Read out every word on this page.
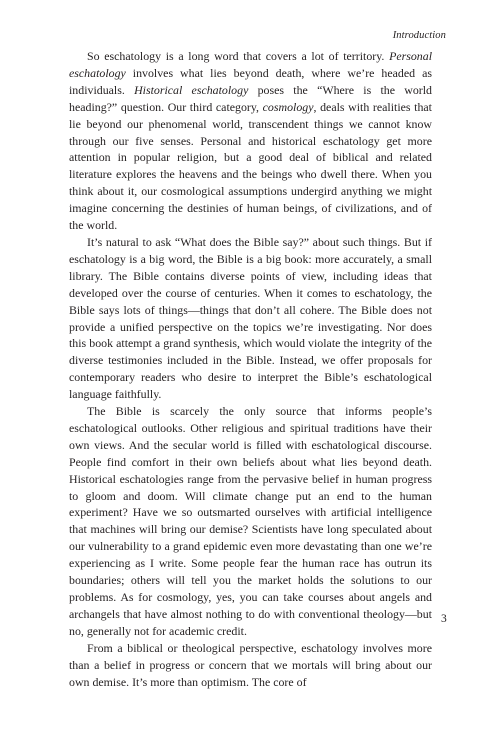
Introduction

So eschatology is a long word that covers a lot of territory. Personal eschatology involves what lies beyond death, where we’re headed as individuals. Historical eschatology poses the “Where is the world heading?” question. Our third category, cosmology, deals with realities that lie beyond our phenomenal world, transcendent things we cannot know through our five senses. Personal and historical eschatology get more attention in popular religion, but a good deal of biblical and related literature explores the heavens and the beings who dwell there. When you think about it, our cosmological assumptions undergird anything we might imagine concerning the destinies of human beings, of civilizations, and of the world.

It’s natural to ask “What does the Bible say?” about such things. But if eschatology is a big word, the Bible is a big book: more accurately, a small library. The Bible contains diverse points of view, including ideas that developed over the course of centuries. When it comes to eschatology, the Bible says lots of things—things that don’t all cohere. The Bible does not provide a unified perspective on the topics we’re investigating. Nor does this book attempt a grand synthesis, which would violate the integrity of the diverse testimonies included in the Bible. Instead, we offer proposals for contemporary readers who desire to interpret the Bible’s eschatological language faithfully.

The Bible is scarcely the only source that informs people’s eschatological outlooks. Other religious and spiritual traditions have their own views. And the secular world is filled with eschatological discourse. People find comfort in their own beliefs about what lies beyond death. Historical eschatologies range from the pervasive belief in human progress to gloom and doom. Will climate change put an end to the human experiment? Have we so outsmarted ourselves with artificial intelligence that machines will bring our demise? Scientists have long speculated about our vulnerability to a grand epidemic even more devastating than one we’re experiencing as I write. Some people fear the human race has outrun its boundaries; others will tell you the market holds the solutions to our problems. As for cosmology, yes, you can take courses about angels and archangels that have almost nothing to do with conventional theology—but no, generally not for academic credit.

From a biblical or theological perspective, eschatology involves more than a belief in progress or concern that we mortals will bring about our own demise. It’s more than optimism. The core of

3
